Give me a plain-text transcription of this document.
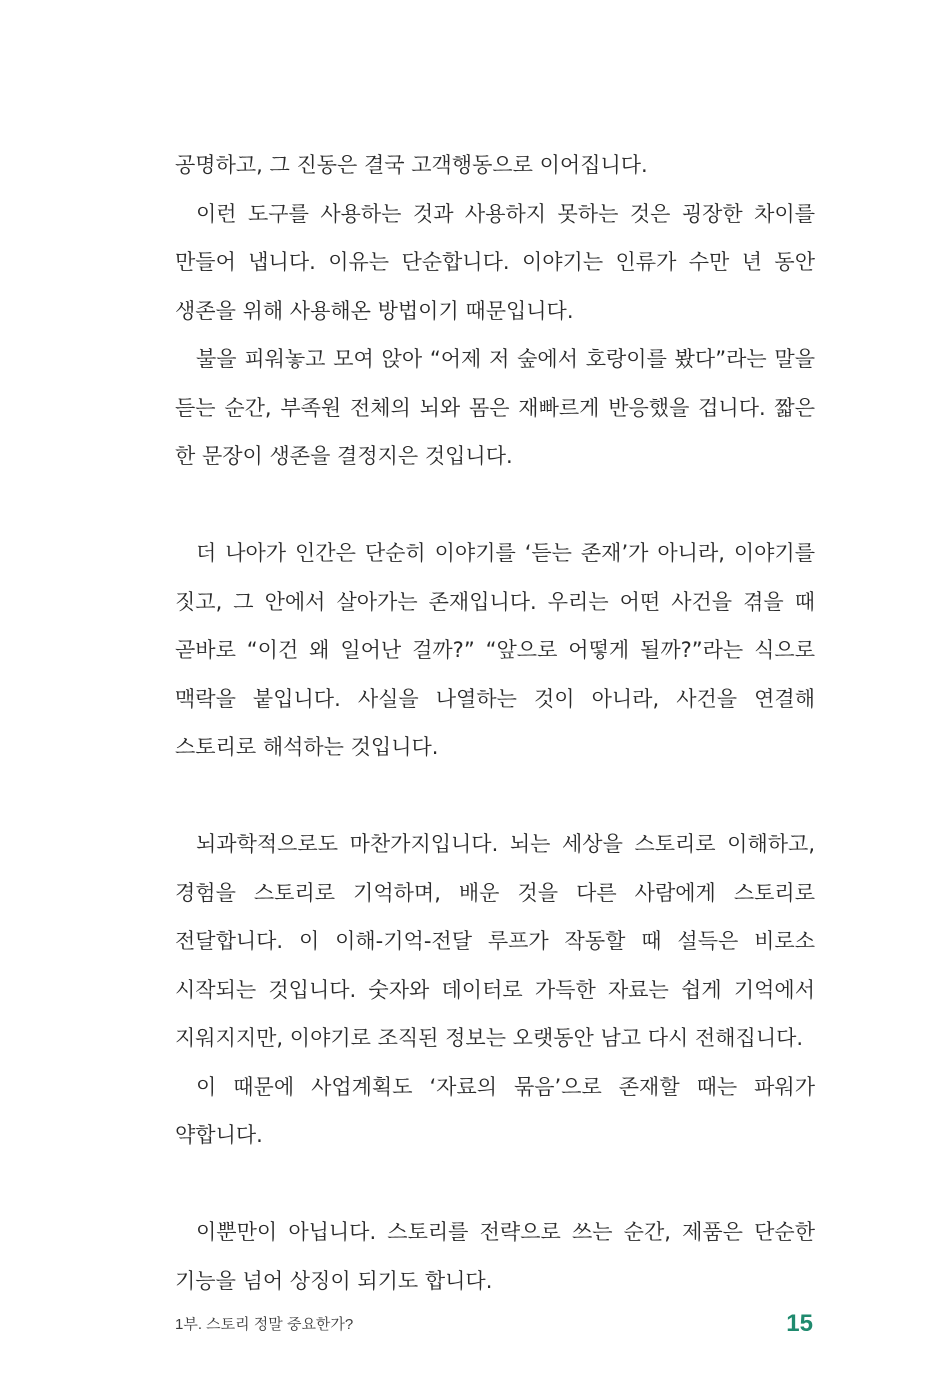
공명하고, 그 진동은 결국 고객행동으로 이어집니다.

이런 도구를 사용하는 것과 사용하지 못하는 것은 굉장한 차이를 만들어 냅니다. 이유는 단순합니다. 이야기는 인류가 수만 년 동안 생존을 위해 사용해온 방법이기 때문입니다.

불을 피워놓고 모여 앉아 “어제 저 숲에서 호랑이를 봤다”라는 말을 듣는 순간, 부족원 전체의 뇌와 몸은 재빠르게 반응했을 겁니다. 짧은 한 문장이 생존을 결정지은 것입니다.

더 나아가 인간은 단순히 이야기를 ‘듣는 존재’가 아니라, 이야기를 짓고, 그 안에서 살아가는 존재입니다. 우리는 어떤 사건을 겪을 때 곧바로 “이건 왜 일어난 걸까?” “앞으로 어떻게 될까?”라는 식으로 맥락을 붙입니다. 사실을 나열하는 것이 아니라, 사건을 연결해 스토리로 해석하는 것입니다.

뇌과학적으로도 마찬가지입니다. 뇌는 세상을 스토리로 이해하고, 경험을 스토리로 기억하며, 배운 것을 다른 사람에게 스토리로 전달합니다. 이 이해-기억-전달 루프가 작동할 때 설득은 비로소 시작되는 것입니다. 숫자와 데이터로 가득한 자료는 쉽게 기억에서 지워지지만, 이야기로 조직된 정보는 오랫동안 남고 다시 전해집니다.

이 때문에 사업계획도 ‘자료의 묶음’으로 존재할 때는 파워가 약합니다.

이뿐만이 아닙니다. 스토리를 전략으로 쓰는 순간, 제품은 단순한 기능을 넘어 상징이 되기도 합니다.

1부. 스토리 정말 중요한가?	15
